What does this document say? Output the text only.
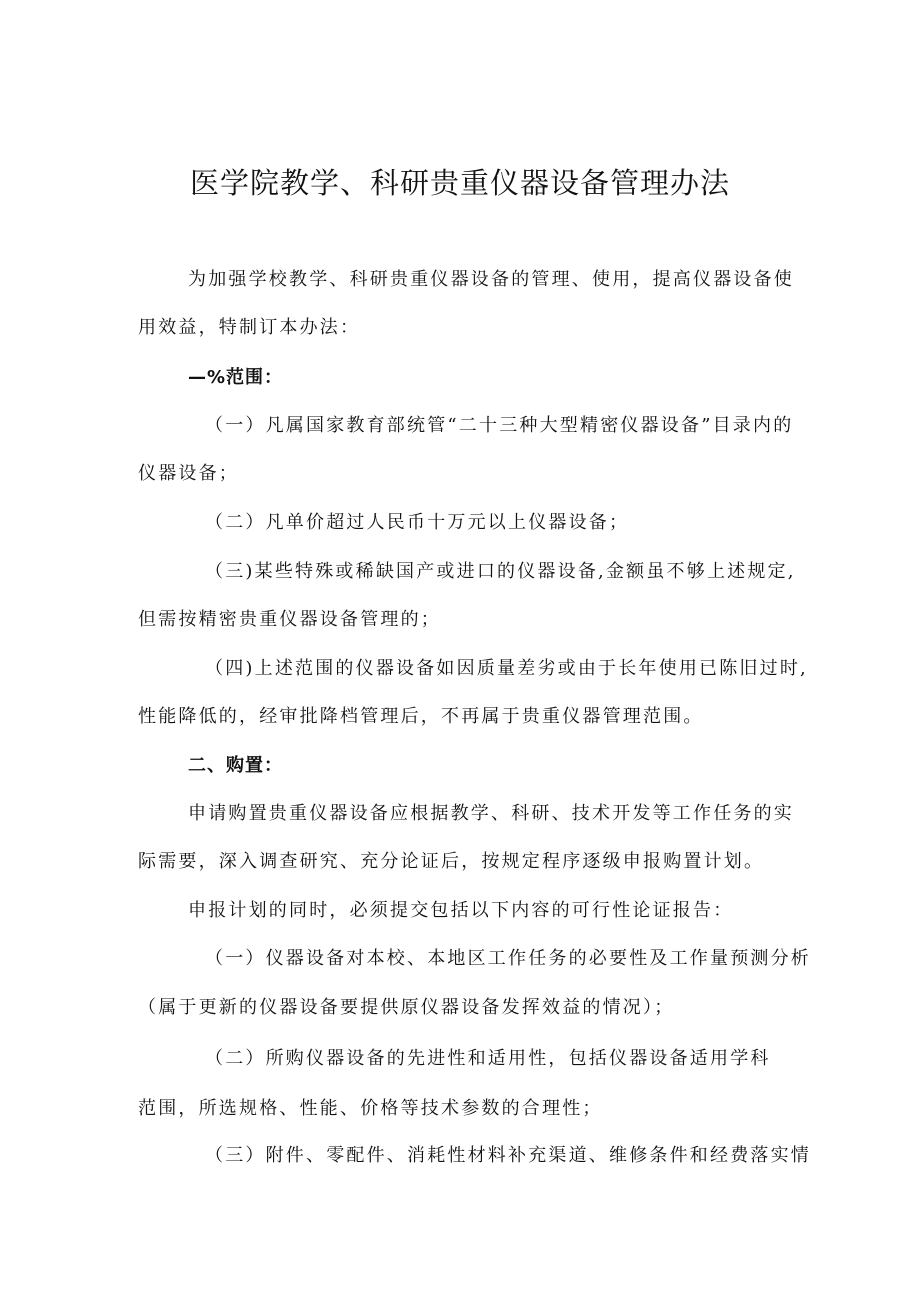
医学院教学、科研贵重仪器设备管理办法
为加强学校教学、科研贵重仪器设备的管理、使用，提高仪器设备使
用效益，特制订本办法：
—%范围：
（一）凡属国家教育部统管“二十三种大型精密仪器设备”目录内的
仪器设备；
（二）凡单价超过人民币十万元以上仪器设备；
（三)某些特殊或稀缺国产或进口的仪器设备,金额虽不够上述规定,
但需按精密贵重仪器设备管理的；
（四)上述范围的仪器设备如因质量差劣或由于长年使用已陈旧过时,
性能降低的，经审批降档管理后，不再属于贵重仪器管理范围。
二、购置：
申请购置贵重仪器设备应根据教学、科研、技术开发等工作任务的实
际需要，深入调查研究、充分论证后，按规定程序逐级申报购置计划。
申报计划的同时，必须提交包括以下内容的可行性论证报告：
（一）仪器设备对本校、本地区工作任务的必要性及工作量预测分析
（属于更新的仪器设备要提供原仪器设备发挥效益的情况）；
（二）所购仪器设备的先进性和适用性，包括仪器设备适用学科
范围，所选规格、性能、价格等技术参数的合理性；
（三）附件、零配件、消耗性材料补充渠道、维修条件和经费落实情
